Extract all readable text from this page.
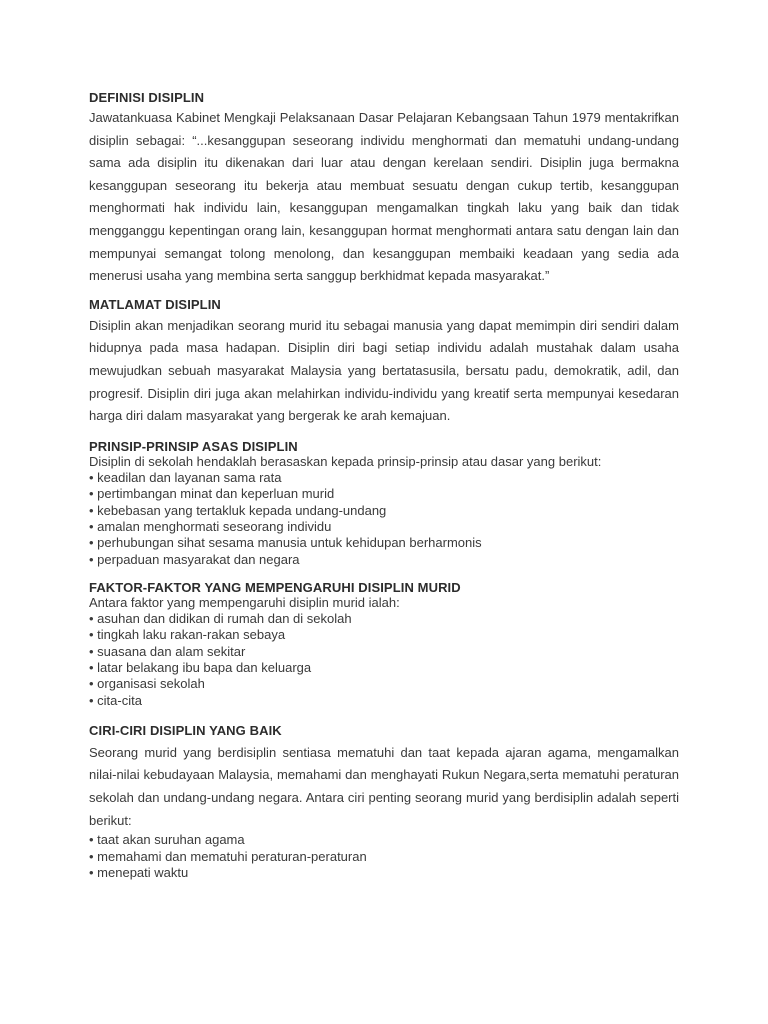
DEFINISI DISIPLIN

Jawatankuasa Kabinet Mengkaji Pelaksanaan Dasar Pelajaran Kebangsaan Tahun 1979 mentakrifkan disiplin sebagai: “...kesanggupan seseorang individu menghormati dan mematuhi undang-undang sama ada disiplin itu dikenakan dari luar atau dengan kerelaan sendiri. Disiplin juga bermakna kesanggupan seseorang itu bekerja atau membuat sesuatu dengan cukup tertib, kesanggupan menghormati hak individu lain, kesanggupan mengamalkan tingkah laku yang baik dan tidak mengganggu kepentingan orang lain, kesanggupan hormat menghormati antara satu dengan lain dan mempunyai semangat tolong menolong, dan kesanggupan membaiki keadaan yang sedia ada menerusi usaha yang membina serta sanggup berkhidmat kepada masyarakat.”

MATLAMAT DISIPLIN

Disiplin akan menjadikan seorang murid itu sebagai manusia yang dapat memimpin diri sendiri dalam hidupnya pada masa hadapan. Disiplin diri bagi setiap individu adalah mustahak dalam usaha mewujudkan sebuah masyarakat Malaysia yang bertatasusila, bersatu padu, demokratik, adil, dan progresif. Disiplin diri juga akan melahirkan individu-individu yang kreatif serta mempunyai kesedaran harga diri dalam masyarakat yang bergerak ke arah kemajuan.

PRINSIP-PRINSIP ASAS DISIPLIN

Disiplin di sekolah hendaklah berasaskan kepada prinsip-prinsip atau dasar yang berikut:

• keadilan dan layanan sama rata
• pertimbangan minat dan keperluan murid
• kebebasan yang tertakluk kepada undang-undang
• amalan menghormati seseorang individu
• perhubungan sihat sesama manusia untuk kehidupan berharmonis
• perpaduan masyarakat dan negara
FAKTOR-FAKTOR YANG MEMPENGARUHI DISIPLIN MURID

Antara faktor yang mempengaruhi disiplin murid ialah:

• asuhan dan didikan di rumah dan di sekolah
• tingkah laku rakan-rakan sebaya
• suasana dan alam sekitar
• latar belakang ibu bapa dan keluarga
• organisasi sekolah
• cita-cita
CIRI-CIRI DISIPLIN YANG BAIK

Seorang murid yang berdisiplin sentiasa mematuhi dan taat kepada ajaran agama, mengamalkan nilai-nilai kebudayaan Malaysia, memahami dan menghayati Rukun Negara,serta mematuhi peraturan sekolah dan undang-undang negara. Antara ciri penting seorang murid yang berdisiplin adalah seperti berikut:

• taat akan suruhan agama
• memahami dan mematuhi peraturan-peraturan
• menepati waktu
